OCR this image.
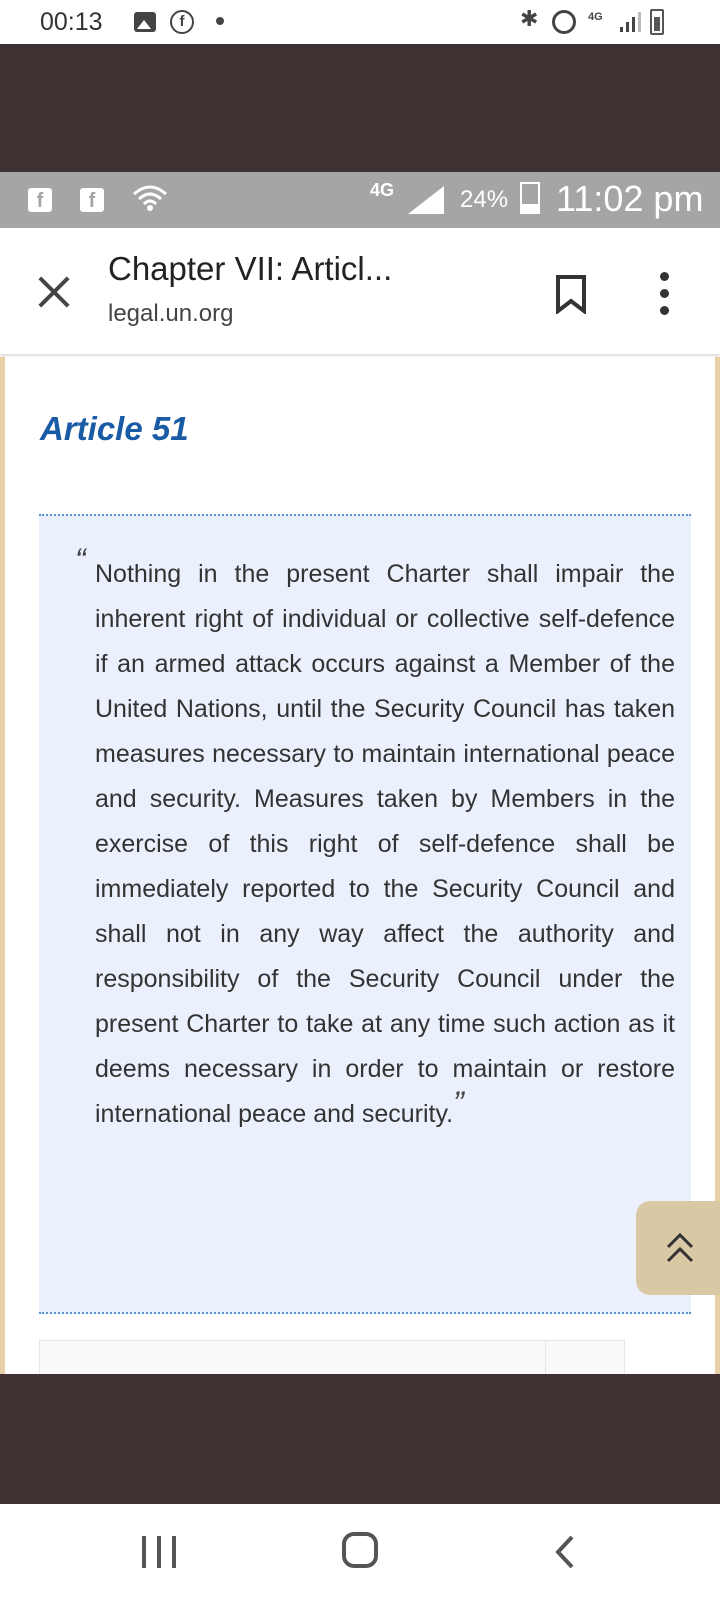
00:13	f	✱	4G
f	f	4G	24% 11:02 pm
Chapter VII: Articl...
legal.un.org
Article 51
“ Nothing in the present Charter shall impair the inherent right of individual or collective self-defence if an armed attack occurs against a Member of the United Nations, until the Security Council has taken measures necessary to maintain international peace and security. Measures taken by Members in the exercise of this right of self-defence shall be immediately reported to the Security Council and shall not in any way affect the authority and responsibility of the Security Council under the present Charter to take at any time such action as it deems necessary in order to maintain or restore international peace and security.”
